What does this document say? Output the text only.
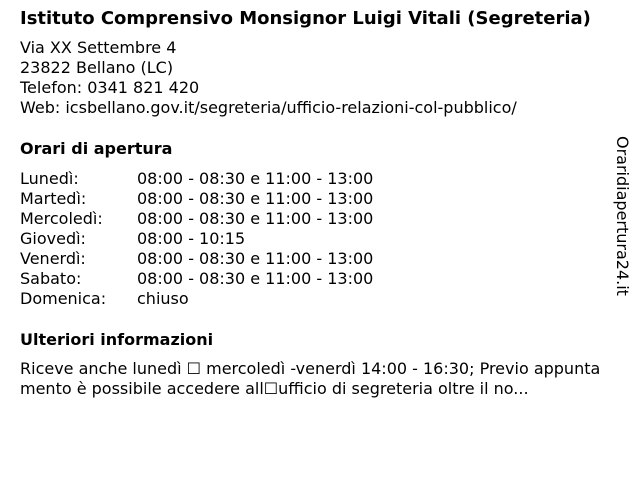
Istituto Comprensivo Monsignor Luigi Vitali (Segreteria)
Via XX Settembre 4
23822 Bellano (LC)
Telefon: 0341 821 420
Web: icsbellano.gov.it/segreteria/ufficio-relazioni-col-pubblico/
Orari di apertura
Lunedì:	08:00 - 08:30 e 11:00 - 13:00
Martedì:	08:00 - 08:30 e 11:00 - 13:00
Mercoledì:	08:00 - 08:30 e 11:00 - 13:00
Giovedì:	08:00 - 10:15
Venerdì:	08:00 - 08:30 e 11:00 - 13:00
Sabato:	08:00 - 08:30 e 11:00 - 13:00
Domenica:	chiuso
Ulteriori informazioni
Riceve anche lunedì ☐ mercoledì -venerdì 14:00 - 16:30; Previo appuntamento è possibile accedere all☐ufficio di segreteria oltre il no...
Oraridiapertura24.it
